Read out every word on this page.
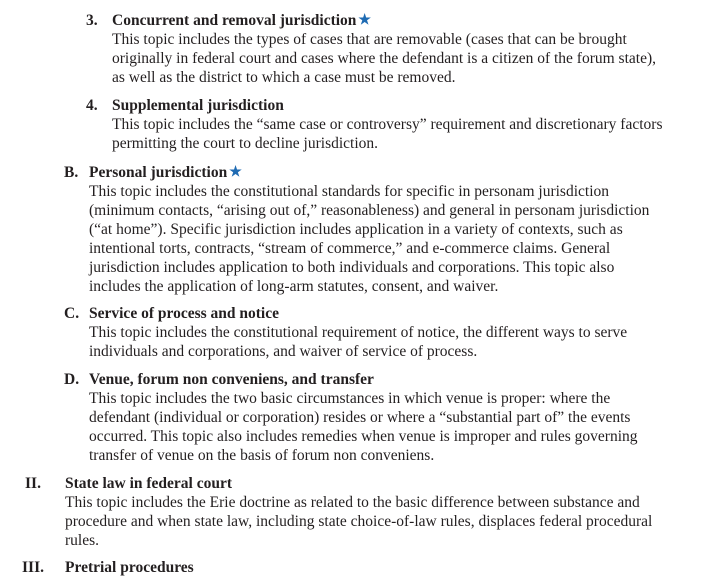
3. Concurrent and removal jurisdiction ★
This topic includes the types of cases that are removable (cases that can be brought
originally in federal court and cases where the defendant is a citizen of the forum state),
as well as the district to which a case must be removed.
4. Supplemental jurisdiction
This topic includes the “same case or controversy” requirement and discretionary factors
permitting the court to decline jurisdiction.
B. Personal jurisdiction ★
This topic includes the constitutional standards for specific in personam jurisdiction
(minimum contacts, “arising out of,” reasonableness) and general in personam jurisdiction
(“at home”). Specific jurisdiction includes application in a variety of contexts, such as
intentional torts, contracts, “stream of commerce,” and e-commerce claims. General
jurisdiction includes application to both individuals and corporations. This topic also
includes the application of long-arm statutes, consent, and waiver.
C. Service of process and notice
This topic includes the constitutional requirement of notice, the different ways to serve
individuals and corporations, and waiver of service of process.
D. Venue, forum non conveniens, and transfer
This topic includes the two basic circumstances in which venue is proper: where the
defendant (individual or corporation) resides or where a “substantial part of” the events
occurred. This topic also includes remedies when venue is improper and rules governing
transfer of venue on the basis of forum non conveniens.
II. State law in federal court
This topic includes the Erie doctrine as related to the basic difference between substance and
procedure and when state law, including state choice-of-law rules, displaces federal procedural
rules.
III. Pretrial procedures
